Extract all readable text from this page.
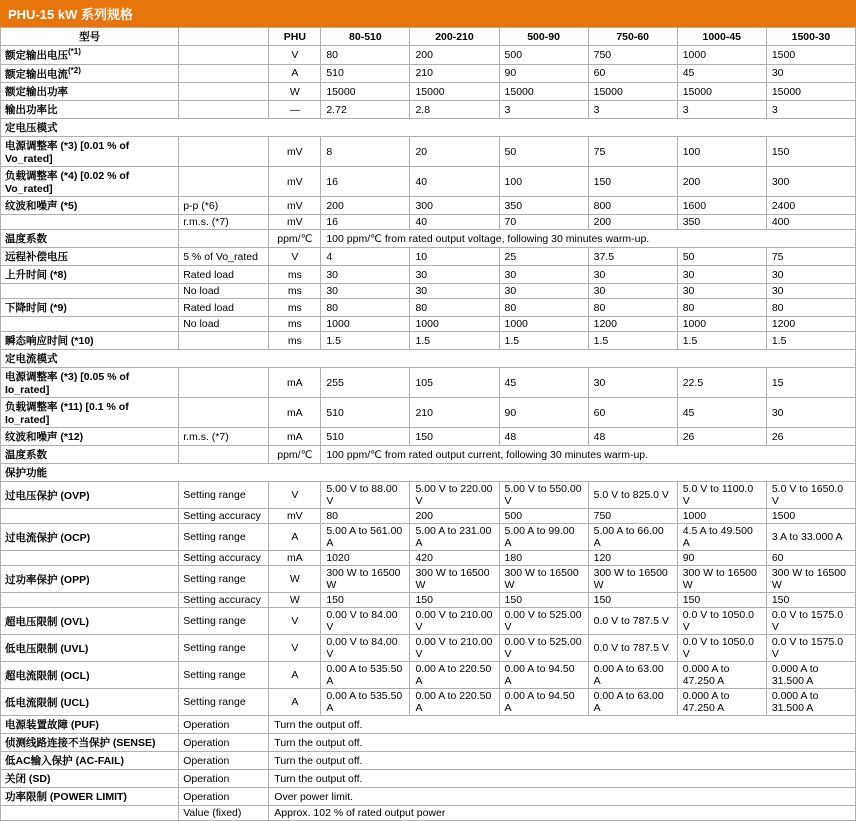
PHU-15 kW 系列规格
型号		PHU	80-510	200-210	500-90	750-60	1000-45	1500-30
额定输出电压$^{(*1)}$		V	80	200	500	750	1000	1500
额定输出电流$^{(*2)}$		A	510	210	90	60	45	30
额定输出功率		W	15000	15000	15000	15000	15000	15000
输出功率比		—	2.72	2.8	3	3	3	3
定电压模式								
电源调整率 (*3) [0.01 % of Vo_rated]		mV	8	20	50	75	100	150
负载调整率 (*4) [0.02 % of Vo_rated]		mV	16	40	100	150	200	300
纹波和噪声 (*5)	p-p (*6)	mV	200	300	350	800	1600	2400
	r.m.s. (*7)	mV	16	40	70	200	350	400
温度系数		ppm/℃	100 ppm/℃ from rated output voltage, following 30 minutes warm-up.					
远程补偿电压	5 % of Vo_rated	V	4	10	25	37.5	50	75
上升时间 (*8)	Rated load	ms	30	30	30	30	30	30
	No load	ms	30	30	30	30	30	30
下降时间 (*9)	Rated load	ms	80	80	80	80	80	80
	No load	ms	1000	1000	1000	1200	1000	1200
瞬态响应时间 (*10)		ms	1.5	1.5	1.5	1.5	1.5	1.5
定电流模式								
电源调整率 (*3) [0.05 % of Io_rated]		mA	255	105	45	30	22.5	15
负载调整率 (*11) [0.1 % of Io_rated]		mA	510	210	90	60	45	30
纹波和噪声 (*12)	r.m.s. (*7)	mA	510	150	48	48	26	26
温度系数		ppm/℃	100 ppm/℃ from rated output current, following 30 minutes warm-up.					
保护功能								
过电压保护 (OVP)	Setting range	V	5.00 V to 88.00 V	5.00 V to 220.00 V	5.00 V to 550.00 V	5.0 V to 825.0 V	5.0 V to 1100.0 V	5.0 V to 1650.0 V
	Setting accuracy	mV	80	200	500	750	1000	1500
过电流保护 (OCP)	Setting range	A	5.00 A to 561.00 A	5.00 A to 231.00 A	5.00 A to 99.00 A	5.00 A to 66.00 A	4.5 A to 49.500 A	3 A to 33.000 A
	Setting accuracy	mA	1020	420	180	120	90	60
过功率保护 (OPP)	Setting range	W	300 W to 16500 W	300 W to 16500 W	300 W to 16500 W	300 W to 16500 W	300 W to 16500 W	300 W to 16500 W
	Setting accuracy	W	150	150	150	150	150	150
超电压限制 (OVL)	Setting range	V	0.00 V to 84.00 V	0.00 V to 210.00 V	0.00 V to 525.00 V	0.0 V to 787.5 V	0.0 V to 1050.0 V	0.0 V to 1575.0 V
低电压限制 (UVL)	Setting range	V	0.00 V to 84.00 V	0.00 V to 210.00 V	0.00 V to 525.00 V	0.0 V to 787.5 V	0.0 V to 1050.0 V	0.0 V to 1575.0 V
超电流限制 (OCL)	Setting range	A	0.00 A to 535.50 A	0.00 A to 220.50 A	0.00 A to 94.50 A	0.00 A to 63.00 A	0.000 A to 47.250 A	0.000 A to 31.500 A
低电流限制 (UCL)	Setting range	A	0.00 A to 535.50 A	0.00 A to 220.50 A	0.00 A to 94.50 A	0.00 A to 63.00 A	0.000 A to 47.250 A	0.000 A to 31.500 A
电源装置故障 (PUF)	Operation	Turn the output off.						
侦测线路连接不当保护 (SENSE)	Operation	Turn the output off.						
低AC输入保护 (AC-FAIL)	Operation	Turn the output off.						
关闭 (SD)	Operation	Turn the output off.						
功率限制 (POWER LIMIT)	Operation	Over power limit.						
	Value (fixed)	Approx. 102 % of rated output power						
